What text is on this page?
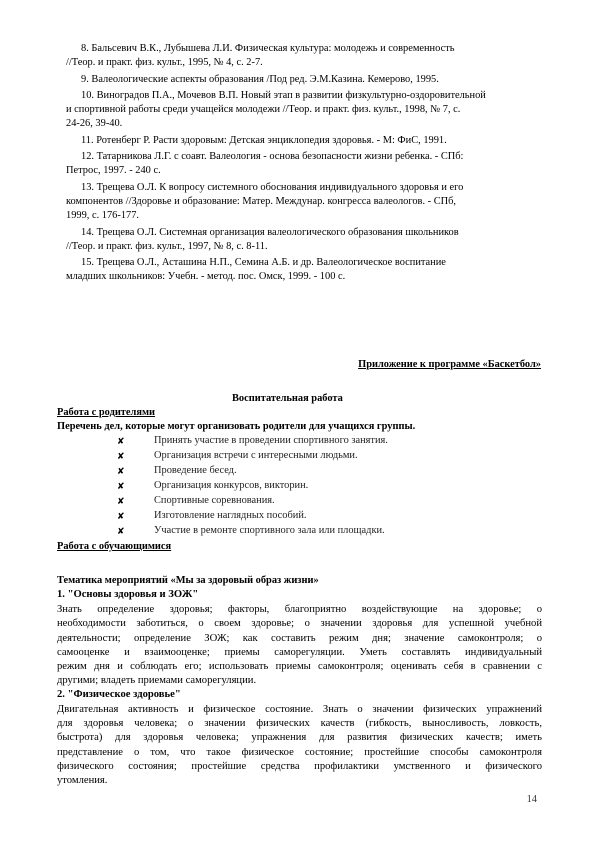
8. Бальсевич В.К., Лубышева Л.И. Физическая культура: молодежь и современность
//Теор. и практ. физ. культ., 1995, № 4, с. 2-7.
9. Валеологические аспекты образования /Под ред. Э.М.Казина. Кемерово, 1995.
10. Виноградов П.А., Мочевов В.П. Новый этап в развитии физкультурно-оздоровительной
и спортивной работы среди учащейся молодежи //Теор. и практ. физ. культ., 1998, № 7, с.
24-26, 39-40.
11. Ротенберг Р. Расти здоровым: Детская энциклопедия здоровья. - М: ФиС, 1991.
12. Татарникова Л.Г. с соавт. Валеология - основа безопасности жизни ребенка. - СПб:
Петрос, 1997. - 240 с.
13. Трещева О.Л. К вопросу системного обоснования индивидуального здоровья и его
компонентов //Здоровье и образование: Матер. Междунар. конгресса валеологов. - СПб,
1999, с. 176-177.
14. Трещева О.Л. Системная организация валеологического образования школьников
//Теор. и практ. физ. культ., 1997, № 8, с. 8-11.
15. Трещева О.Л., Асташина Н.П., Семина А.Б. и др. Валеологическое воспитание
младших школьников: Учебн. - метод. пос. Омск, 1999. - 100 с.
Приложение к программе «Баскетбол»
Воспитательная работа
Работа с родителями
Перечень дел, которые могут организовать родители для учащихся группы.
✘	Принять участие в проведении спортивного занятия.
✘	Организация встречи с интересными людьми.
✘	Проведение бесед.
✘	Организация конкурсов, викторин.
✘	Спортивные соревнования.
✘	Изготовление наглядных пособий.
✘	Участие в ремонте спортивного зала или площадки.
Работа с обучающимися
Тематика мероприятий «Мы за здоровый образ жизни»
1. "Основы здоровья и ЗОЖ"
Знать определение здоровья; факторы, благоприятно воздействующие на здоровье; о
необходимости заботиться, о своем здоровье; о значении здоровья для успешной учебной
деятельности; определение ЗОЖ; как составить режим дня; значение самоконтроля; о
самооценке и взаимооценке; приемы саморегуляции. Уметь составлять индивидуальный
режим дня и соблюдать его; использовать приемы самоконтроля; оценивать себя в сравнении с
другими; владеть приемами саморегуляции.
2. "Физическое здоровье"
Двигательная активность и физическое состояние. Знать о значении физических упражнений
для здоровья человека; о значении физических качеств (гибкость, выносливость, ловкость,
быстрота) для здоровья человека; упражнения для развития физических качеств; иметь
представление о том, что такое физическое состояние; простейшие способы самоконтроля
физического состояния; простейшие средства профилактики умственного и физического
утомления.
14
